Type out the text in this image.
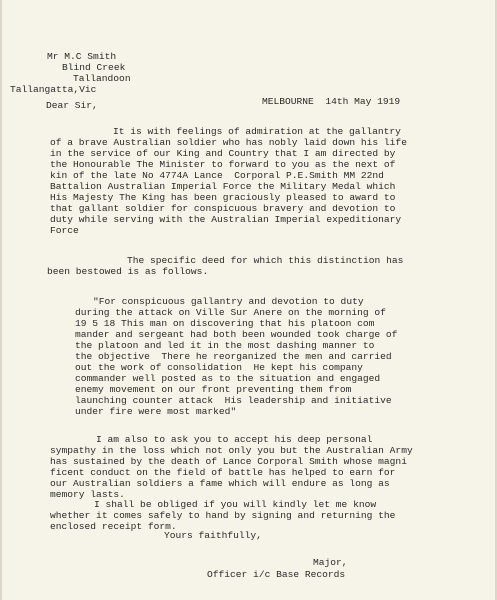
Mr M.C Smith
Blind Creek
Tallandoon
Tallangatta,Vic
MELBOURNE  14th May 1919
Dear Sir,
It is with feelings of admiration at the gallantry
of a brave Australian soldier who has nobly laid down his life
in the service of our King and Country that I am directed by
the Honourable The Minister to forward to you as the next of
kin of the late No 4774A Lance  Corporal P.E.Smith MM 22nd
Battalion Australian Imperial Force the Military Medal which
His Majesty The King has been graciously pleased to award to
that gallant soldier for conspicuous bravery and devotion to
duty while serving with the Australian Imperial expeditionary
Force
The specific deed for which this distinction has
been bestowed is as follows.
"For conspicuous gallantry and devotion to duty
during the attack on Ville Sur Anere on the morning of
19 5 18 This man on discovering that his platoon com
mander and sergeant had both been wounded took charge of
the platoon and led it in the most dashing manner to
the objective  There he reorganized the men and carried
out the work of consolidation  He kept his company
commander well posted as to the situation and engaged
enemy movement on our front preventing them from
launching counter attack  His leadership and initiative
under fire were most marked"
I am also to ask you to accept his deep personal
sympathy in the loss which not only you but the Australian Army
has sustained by the death of Lance Corporal Smith whose magni
ficent conduct on the field of battle has helped to earn for
our Australian soldiers a fame which will endure as long as
memory lasts.
I shall be obliged if you will kindly let me know
whether it comes safely to hand by signing and returning the
enclosed receipt form.
Yours faithfully,
Major,
Officer i/c Base Records
